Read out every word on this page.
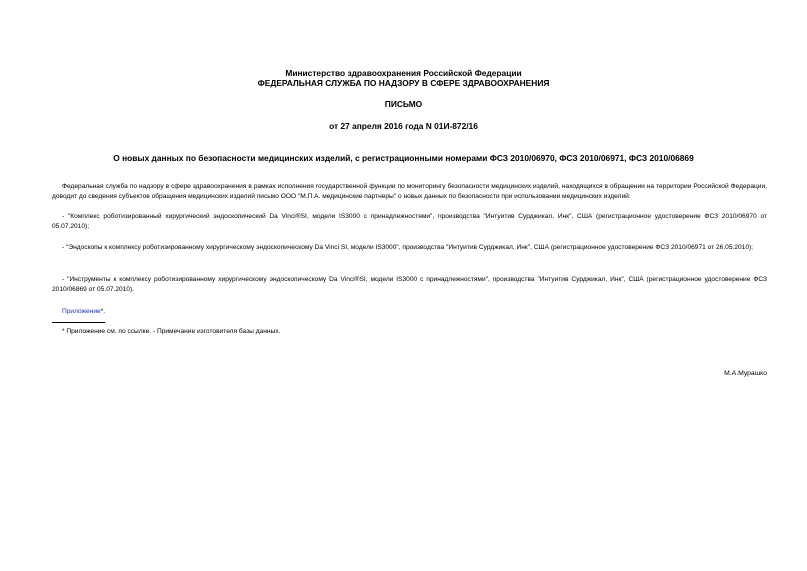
Министерство здравоохранения Российской Федерации
ФЕДЕРАЛЬНАЯ СЛУЖБА ПО НАДЗОРУ В СФЕРЕ ЗДРАВООХРАНЕНИЯ
ПИСЬМО
от 27 апреля 2016 года N 01И-872/16
О новых данных по безопасности медицинских изделий, с регистрационными номерами ФСЗ 2010/06970, ФСЗ 2010/06971, ФСЗ 2010/06869

Федеральная служба по надзору в сфере здравоохранения в рамках исполнения государственной функции по мониторингу безопасности медицинских изделий, находящихся в обращении на территории Российской Федерации, доводит до сведения субъектов обращения медицинских изделий письмо ООО "М.П.А. медицинские партнеры" о новых данных по безопасности при использовании медицинских изделий:

- "Комплекс роботизированный хирургический эндоскопический Da Vinci®SI, модели IS3000 с принадлежностями", производства "Интуитив Сурджикал, Инк", США (регистрационное удостоверение ФСЗ 2010/06970 от 05.07.2010);

- "Эндоскопы к комплексу роботизированному хирургическому эндоскопическому Da Vinci SI, модели IS3000", производства "Интуитив Сурджикал, Инк", США (регистрационное удостоверение ФСЗ 2010/06971 от 26.05.2010);

- "Инструменты к комплексу роботизированному хирургическому эндоскопическому Da Vinci®SI, модели IS3000 с принадлежностями", производства "Интуитив Сурджикал, Инк", США (регистрационное удостоверение ФСЗ 2010/06869 от 05.07.2010).

Приложение*.

* Приложение см. по ссылке. - Примечание изготовителя базы данных.
М.А.Мурашко
